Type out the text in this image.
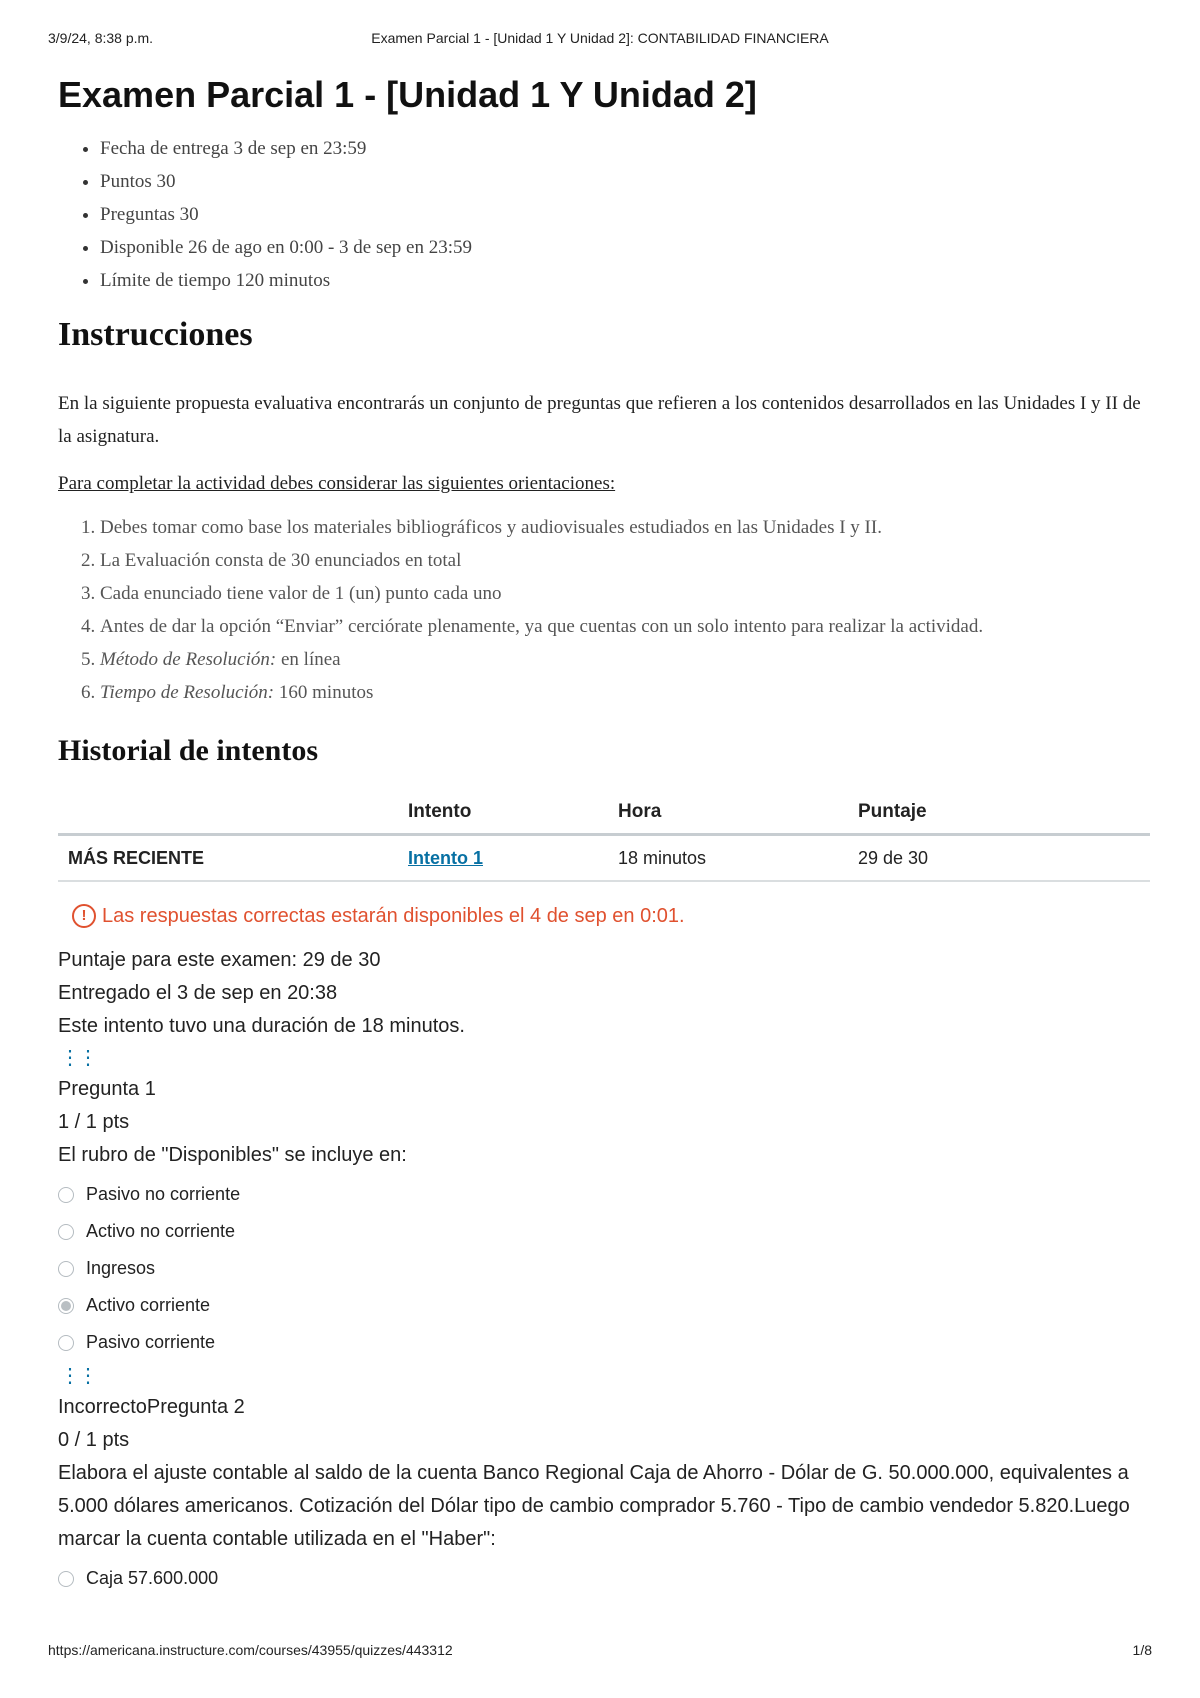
3/9/24, 8:38 p.m.	Examen Parcial 1 - [Unidad 1 Y Unidad 2]: CONTABILIDAD FINANCIERA
Examen Parcial 1 - [Unidad 1 Y Unidad 2]
• Fecha de entrega 3 de sep en 23:59
• Puntos 30
• Preguntas 30
• Disponible 26 de ago en 0:00 - 3 de sep en 23:59
• Límite de tiempo 120 minutos
Instrucciones

En la siguiente propuesta evaluativa encontrarás un conjunto de preguntas que refieren a los contenidos desarrollados en las Unidades I y II de la asignatura.

Para completar la actividad debes considerar las siguientes orientaciones:

1. Debes tomar como base los materiales bibliográficos y audiovisuales estudiados en las Unidades I y II.
2. La Evaluación consta de 30 enunciados en total
3. Cada enunciado tiene valor de 1 (un) punto cada uno
4. Antes de dar la opción “Enviar” cerciórate plenamente, ya que cuentas con un solo intento para realizar la actividad.
5. Método de Resolución: en línea
6. Tiempo de Resolución: 160 minutos
Historial de intentos
	Intento	Hora	Puntaje
MÁS RECIENTE	Intento 1	18 minutos	29 de 30
! Las respuestas correctas estarán disponibles el 4 de sep en 0:01.
Puntaje para este examen: 29 de 30
Entregado el 3 de sep en 20:38
Este intento tuvo una duración de 18 minutos.
⋮⋮
Pregunta 1
1 / 1 pts
El rubro de "Disponibles" se incluye en:
Pasivo no corriente
Activo no corriente
Ingresos
Activo corriente
Pasivo corriente
⋮⋮
IncorrectoPregunta 2
0 / 1 pts
Elabora el ajuste contable al saldo de la cuenta Banco Regional Caja de Ahorro - Dólar de G. 50.000.000, equivalentes a 5.000 dólares americanos. Cotización del Dólar tipo de cambio comprador 5.760 - Tipo de cambio vendedor 5.820.Luego marcar la cuenta contable utilizada en el "Haber":
Caja 57.600.000
https://americana.instructure.com/courses/43955/quizzes/443312	1/8
